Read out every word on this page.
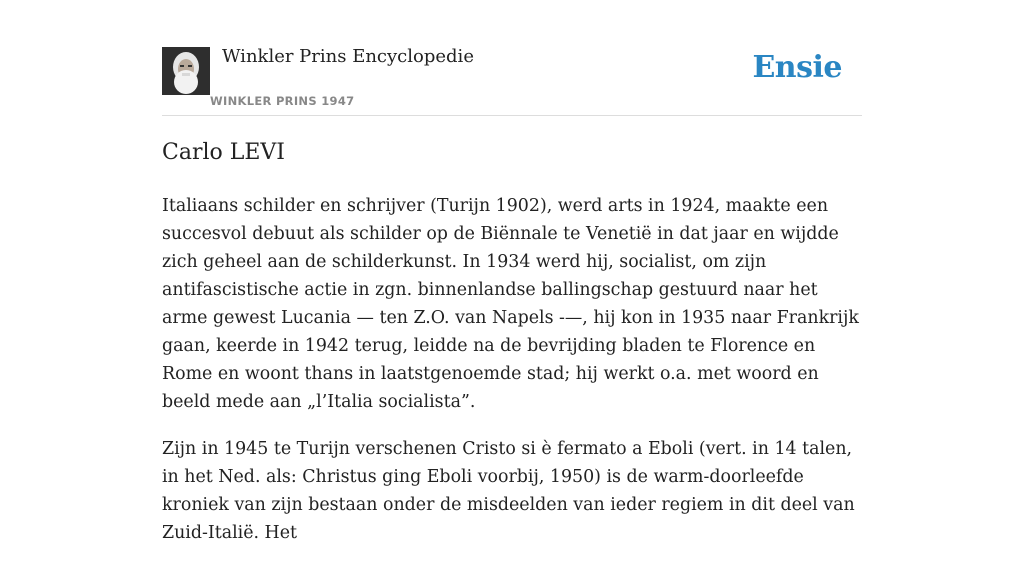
Winkler Prins Encyclopedie
WINKLER PRINS 1947
Ensie
Carlo LEVI

Italiaans schilder en schrijver (Turijn 1902), werd arts in 1924, maakte een succesvol debuut als schilder op de Biënnale te Venetië in dat jaar en wijdde zich geheel aan de schilderkunst. In 1934 werd hij, socialist, om zijn antifascistische actie in zgn. binnenlandse ballingschap gestuurd naar het arme gewest Lucania — ten Z.O. van Napels -—, hij kon in 1935 naar Frankrijk gaan, keerde in 1942 terug, leidde na de bevrijding bladen te Florence en Rome en woont thans in laatstgenoemde stad; hij werkt o.a. met woord en beeld mede aan „l’Italia socialista”.

Zijn in 1945 te Turijn verschenen Cristo si è fermato a Eboli (vert. in 14 talen, in het Ned. als: Christus ging Eboli voorbij, 1950) is de warm-doorleefde kroniek van zijn bestaan onder de misdeelden van ieder regiem in dit deel van Zuid-Italië. Het
